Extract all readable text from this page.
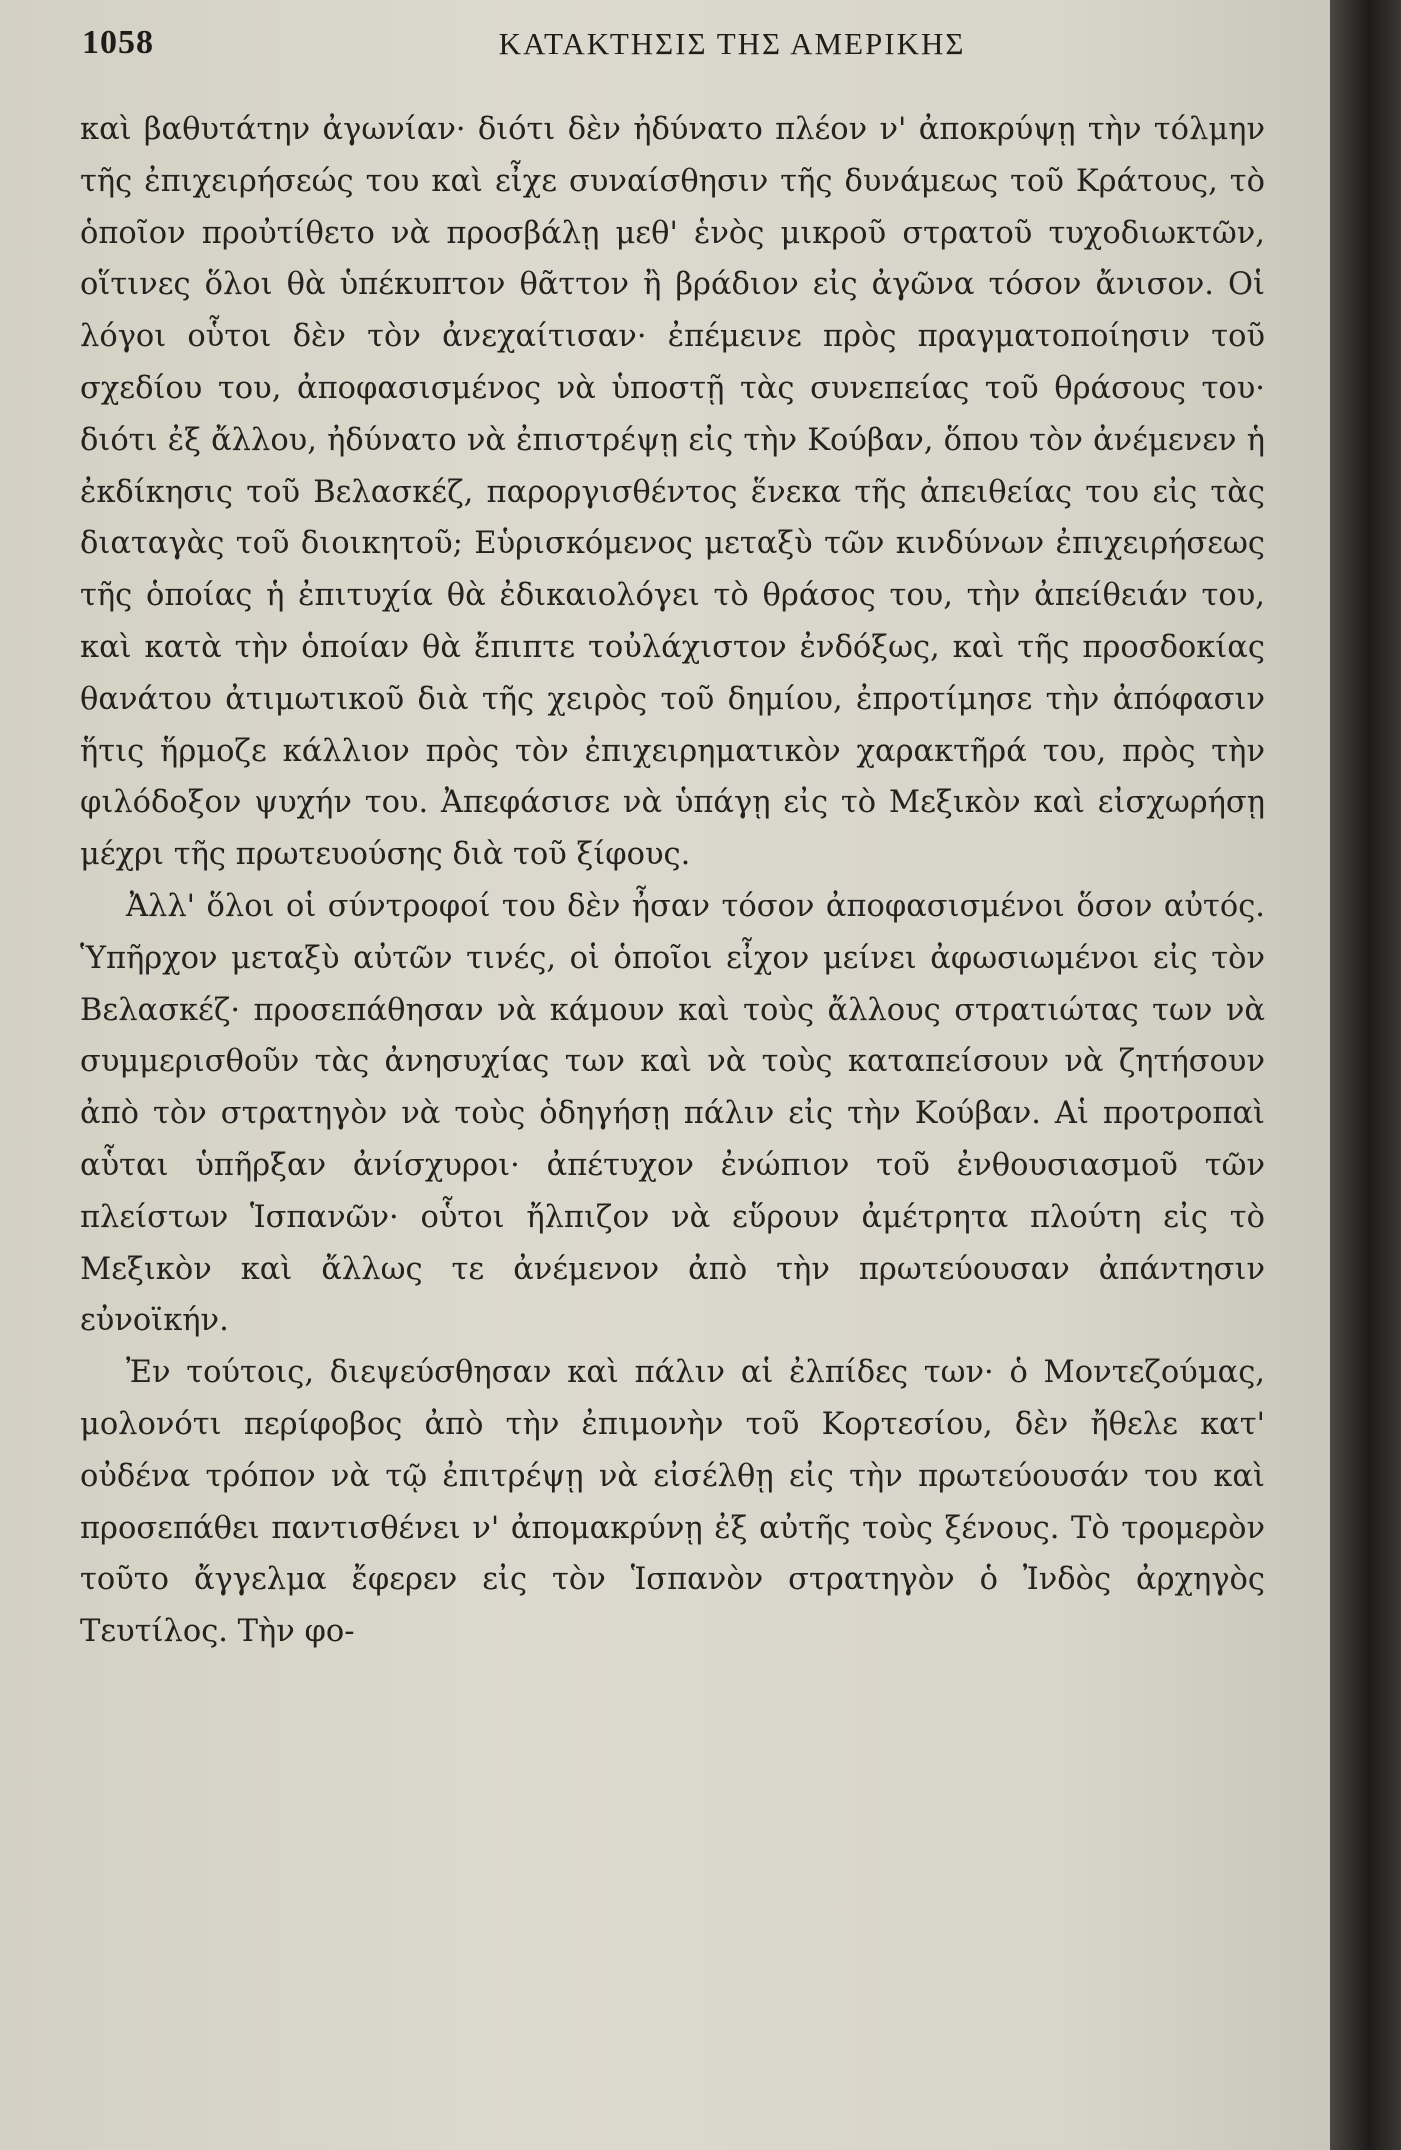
1058	ΚΑΤΑΚΤΗΣΙΣ ΤΗΣ ΑΜΕΡΙΚΗΣ

καὶ βαθυτάτην ἀγωνίαν· διότι δὲν ἠδύνατο πλέον ν' ἀποκρύψῃ τὴν τόλμην τῆς ἐπιχειρήσεώς του καὶ εἶχε συναίσθησιν τῆς δυνάμεως τοῦ Κράτους, τὸ ὁποῖον προὐτίθετο νὰ προσβάλῃ μεθ' ἑνὸς μικροῦ στρατοῦ τυχοδιωκτῶν, οἵτινες ὅλοι θὰ ὑπέκυπτον θᾶττον ἢ βράδιον εἰς ἀγῶνα τόσον ἄνισον. Οἱ λόγοι οὗτοι δὲν τὸν ἀνεχαίτισαν· ἐπέμεινε πρὸς πραγματοποίησιν τοῦ σχεδίου του, ἀποφασισμένος νὰ ὑποστῇ τὰς συνεπείας τοῦ θράσους του· διότι ἐξ ἄλλου, ἠδύνατο νὰ ἐπιστρέψῃ εἰς τὴν Κούβαν, ὅπου τὸν ἀνέμενεν ἡ ἐκδίκησις τοῦ Βελασκέζ, παροργισθέντος ἕνεκα τῆς ἀπειθείας του εἰς τὰς διαταγὰς τοῦ διοικητοῦ; Εὑρισκόμενος μεταξὺ τῶν κινδύνων ἐπιχειρήσεως τῆς ὁποίας ἡ ἐπιτυχία θὰ ἐδικαιολόγει τὸ θράσος του, τὴν ἀπείθειάν του, καὶ κατὰ τὴν ὁποίαν θὰ ἔπιπτε τοὐλάχιστον ἐνδόξως, καὶ τῆς προσδοκίας θανάτου ἀτιμωτικοῦ διὰ τῆς χειρὸς τοῦ δημίου, ἐπροτίμησε τὴν ἀπόφασιν ἥτις ἥρμοζε κάλλιον πρὸς τὸν ἐπιχειρηματικὸν χαρακτῆρά του, πρὸς τὴν φιλόδοξον ψυχήν του. Ἀπεφάσισε νὰ ὑπάγῃ εἰς τὸ Μεξικὸν καὶ εἰσχωρήσῃ μέχρι τῆς πρωτευούσης διὰ τοῦ ξίφους.

Ἀλλ' ὅλοι οἱ σύντροφοί του δὲν ἦσαν τόσον ἀποφασισμένοι ὅσον αὐτός. Ὑπῆρχον μεταξὺ αὐτῶν τινές, οἱ ὁποῖοι εἶχον μείνει ἀφωσιωμένοι εἰς τὸν Βελασκέζ· προσεπάθησαν νὰ κάμουν καὶ τοὺς ἄλλους στρατιώτας των νὰ συμμερισθοῦν τὰς ἀνησυχίας των καὶ νὰ τοὺς καταπείσουν νὰ ζητήσουν ἀπὸ τὸν στρατηγὸν νὰ τοὺς ὁδηγήσῃ πάλιν εἰς τὴν Κούβαν. Αἱ προτροπαὶ αὗται ὑπῆρξαν ἀνίσχυροι· ἀπέτυχον ἐνώπιον τοῦ ἐνθουσιασμοῦ τῶν πλείστων Ἱσπανῶν· οὗτοι ἤλπιζον νὰ εὕρουν ἀμέτρητα πλούτη εἰς τὸ Μεξικὸν καὶ ἄλλως τε ἀνέμενον ἀπὸ τὴν πρωτεύουσαν ἀπάντησιν εὐνοϊκήν.

Ἐν τούτοις, διεψεύσθησαν καὶ πάλιν αἱ ἐλπίδες των· ὁ Μοντεζούμας, μολονότι περίφοβος ἀπὸ τὴν ἐπιμονὴν τοῦ Κορτεσίου, δὲν ἤθελε κατ' οὐδένα τρόπον νὰ τῷ ἐπιτρέψῃ νὰ εἰσέλθῃ εἰς τὴν πρωτεύουσάν του καὶ προσεπάθει παντισθένει ν' ἀπομακρύνῃ ἐξ αὐτῆς τοὺς ξένους. Τὸ τρομερὸν τοῦτο ἄγγελμα ἔφερεν εἰς τὸν Ἱσπανὸν στρατηγὸν ὁ Ἰνδὸς ἀρχηγὸς Τευτίλος. Τὴν φο-
